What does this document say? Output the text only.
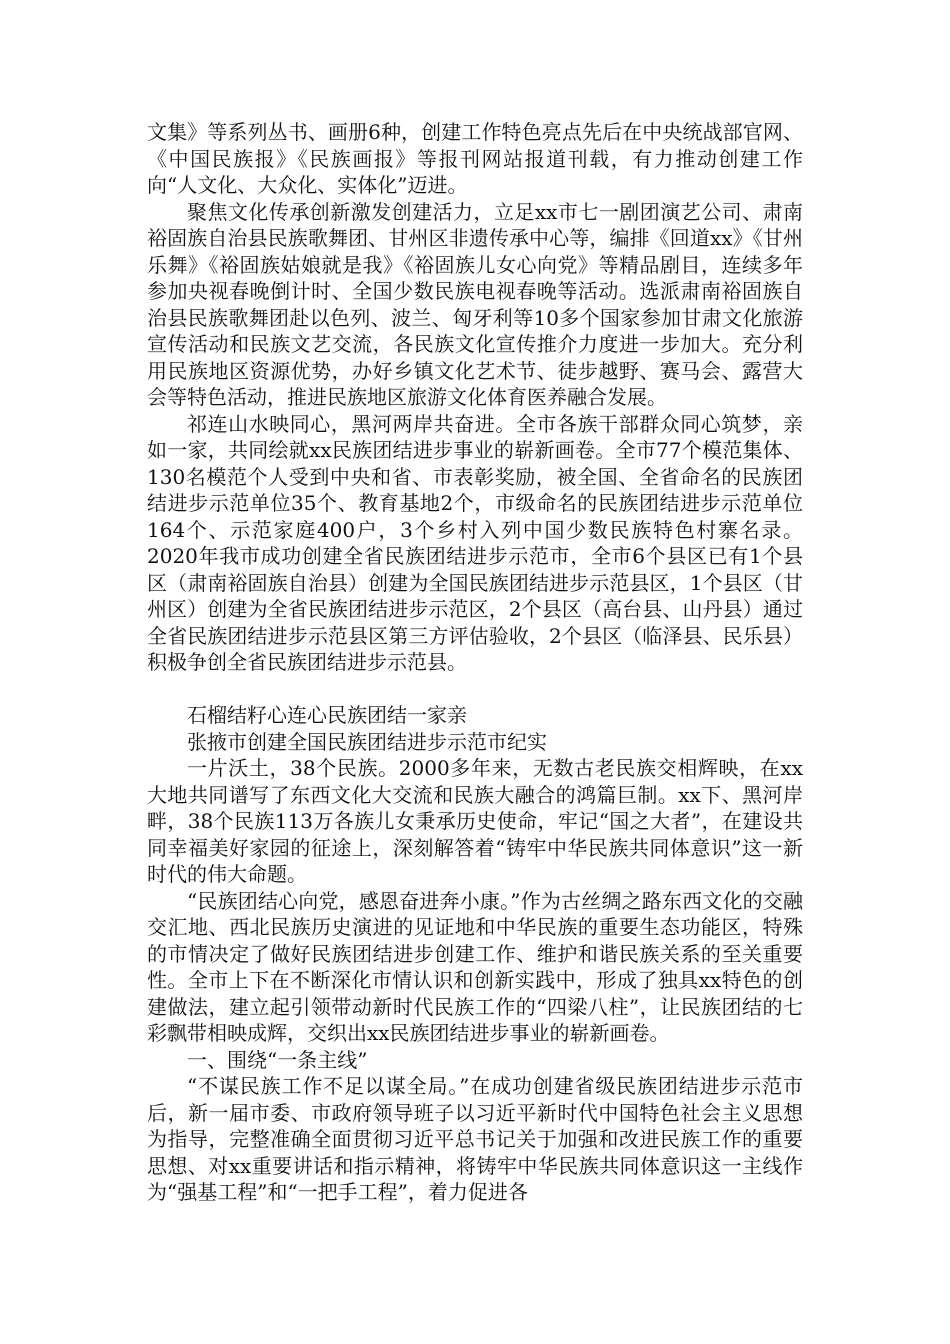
文集》等系列丛书、画册6种，创建工作特色亮点先后在中央统战部官网、《中国民族报》《民族画报》等报刊网站报道刊载，有力推动创建工作向“人文化、大众化、实体化”迈进。

聚焦文化传承创新激发创建活力，立足xx市七一剧团演艺公司、肃南裕固族自治县民族歌舞团、甘州区非遗传承中心等，编排《回道xx》《甘州乐舞》《裕固族姑娘就是我》《裕固族儿女心向党》等精品剧目，连续多年参加央视春晚倒计时、全国少数民族电视春晚等活动。选派肃南裕固族自治县民族歌舞团赴以色列、波兰、匈牙利等10多个国家参加甘肃文化旅游宣传活动和民族文艺交流，各民族文化宣传推介力度进一步加大。充分利用民族地区资源优势，办好乡镇文化艺术节、徒步越野、赛马会、露营大会等特色活动，推进民族地区旅游文化体育医养融合发展。

祁连山水映同心，黑河两岸共奋进。全市各族干部群众同心筑梦，亲如一家，共同绘就xx民族团结进步事业的崭新画卷。全市77个模范集体、130名模范个人受到中央和省、市表彰奖励，被全国、全省命名的民族团结进步示范单位35个、教育基地2个，市级命名的民族团结进步示范单位164个、示范家庭400户，3个乡村入列中国少数民族特色村寨名录。2020年我市成功创建全省民族团结进步示范市，全市6个县区已有1个县区（肃南裕固族自治县）创建为全国民族团结进步示范县区，1个县区（甘州区）创建为全省民族团结进步示范区，2个县区（高台县、山丹县）通过全省民族团结进步示范县区第三方评估验收，2个县区（临泽县、民乐县）积极争创全省民族团结进步示范县。

石榴结籽心连心民族团结一家亲

张掖市创建全国民族团结进步示范市纪实

一片沃土，38个民族。2000多年来，无数古老民族交相辉映，在xx大地共同谱写了东西文化大交流和民族大融合的鸿篇巨制。xx下、黑河岸畔，38个民族113万各族儿女秉承历史使命，牢记“国之大者”，在建设共同幸福美好家园的征途上，深刻解答着“铸牢中华民族共同体意识”这一新时代的伟大命题。

“民族团结心向党，感恩奋进奔小康。”作为古丝绸之路东西文化的交融交汇地、西北民族历史演进的见证地和中华民族的重要生态功能区，特殊的市情决定了做好民族团结进步创建工作、维护和谐民族关系的至关重要性。全市上下在不断深化市情认识和创新实践中，形成了独具xx特色的创建做法，建立起引领带动新时代民族工作的“四梁八柱”，让民族团结的七彩飘带相映成辉，交织出xx民族团结进步事业的崭新画卷。

一、围绕“一条主线”

“不谋民族工作不足以谋全局。”在成功创建省级民族团结进步示范市后，新一届市委、市政府领导班子以习近平新时代中国特色社会主义思想为指导，完整准确全面贯彻习近平总书记关于加强和改进民族工作的重要思想、对xx重要讲话和指示精神，将铸牢中华民族共同体意识这一主线作为“强基工程”和“一把手工程”，着力促进各
